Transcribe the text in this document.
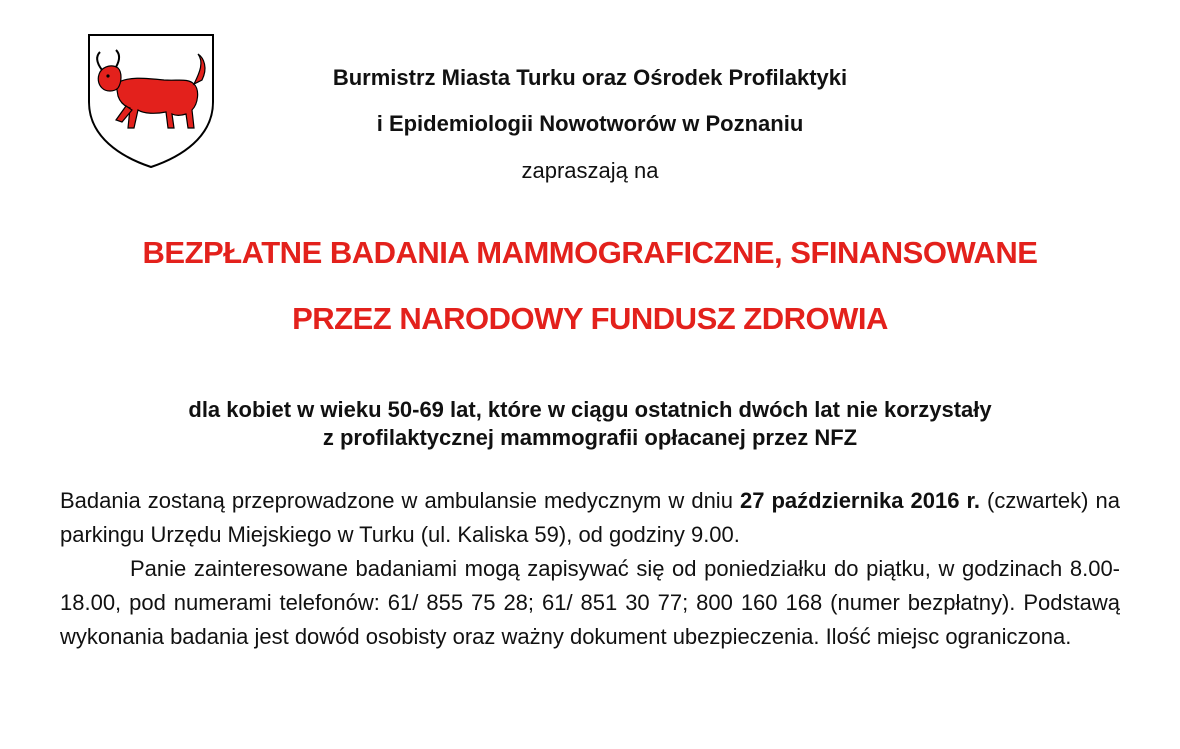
Burmistrz Miasta Turku oraz Ośrodek Profilaktyki
i Epidemiologii Nowotworów w Poznaniu
zapraszają na
BEZPŁATNE BADANIA MAMMOGRAFICZNE, SFINANSOWANE
PRZEZ NARODOWY FUNDUSZ ZDROWIA
dla kobiet w wieku 50-69 lat, które w ciągu ostatnich dwóch lat nie korzystały
z profilaktycznej mammografii opłacanej przez NFZ

Badania zostaną przeprowadzone w ambulansie medycznym w dniu 27 października 2016 r. (czwartek) na parkingu Urzędu Miejskiego w Turku (ul. Kaliska 59), od godziny 9.00.

Panie zainteresowane badaniami mogą zapisywać się od poniedziałku do piątku, w godzinach 8.00-18.00, pod numerami telefonów: 61/ 855 75 28; 61/ 851 30 77; 800 160 168 (numer bezpłatny). Podstawą wykonania badania jest dowód osobisty oraz ważny dokument ubezpieczenia. Ilość miejsc ograniczona.
